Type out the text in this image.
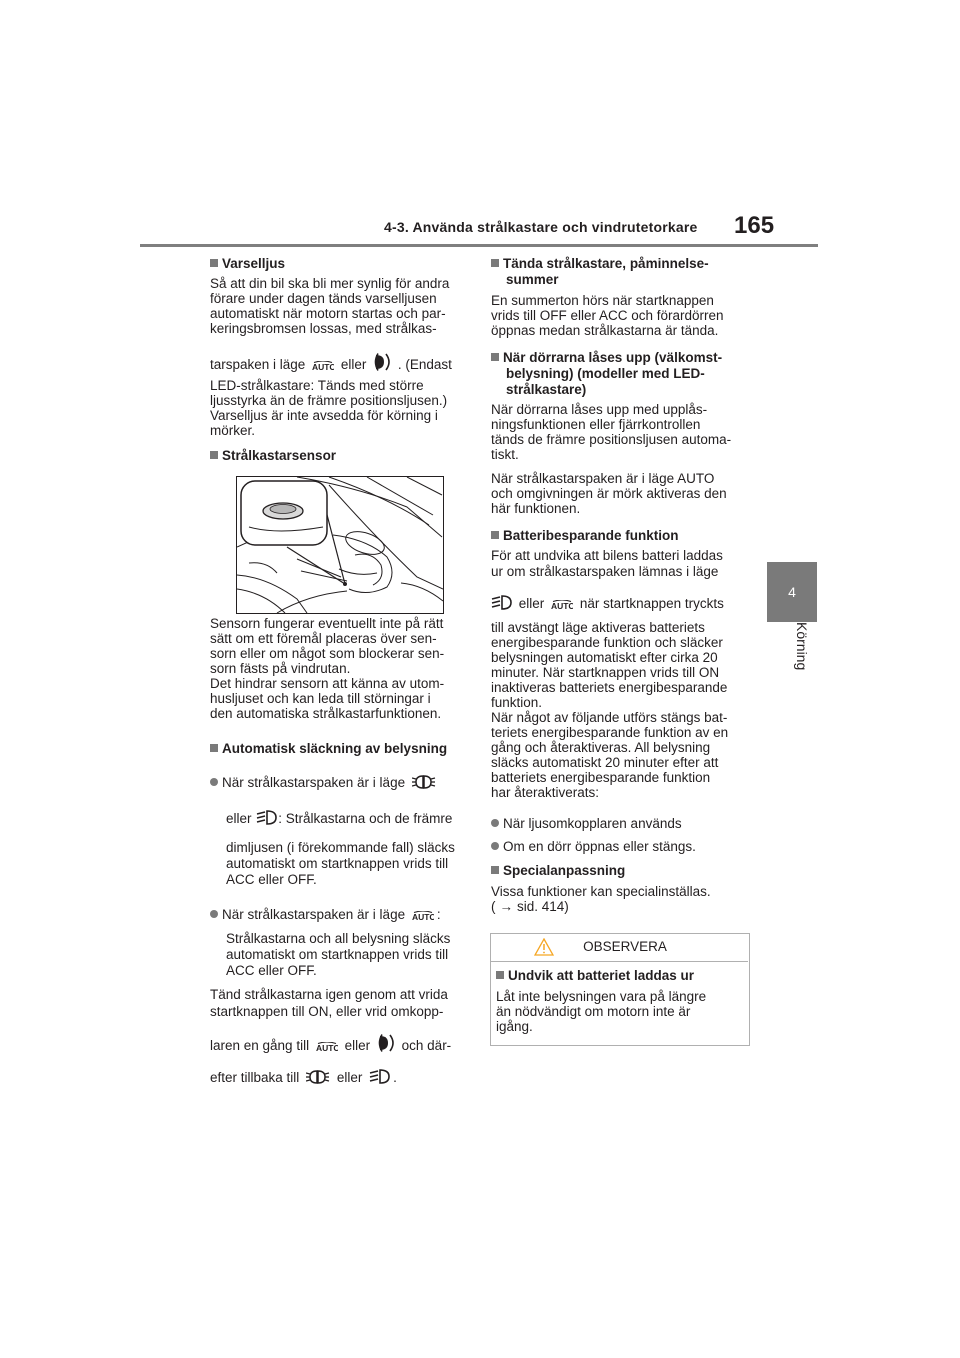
4-3. Använda strålkastare och vindrutetorkare 165
4
Körning
Varselljus
Så att din bil ska bli mer synlig för andra
förare under dagen tänds varselljusen
automatiskt när motorn startas och par-
keringsbromsen lossas, med strålkas-
tarspaken i läge	eller . (Endast
LED-strålkastare: Tänds med större
ljusstyrka än de främre positionsljusen.)
Varselljus är inte avsedda för körning i
mörker.
Strålkastarsensor
Sensorn fungerar eventuellt inte på rätt
sätt om ett föremål placeras över sen-
sorn eller om något som blockerar sen-
sorn fästs på vindrutan.
Det hindrar sensorn att känna av utom-
husljuset och kan leda till störningar i
den automatiska strålkastarfunktionen.
Automatisk släckning av belysning
När strålkastarspaken är i läge
eller : Strålkastarna och de främre
dimljusen (i förekommande fall) släcks
automatiskt om startknappen vrids till
ACC eller OFF.
När strålkastarspaken är i läge :
Strålkastarna och all belysning släcks
automatiskt om startknappen vrids till
ACC eller OFF.
Tänd strålkastarna igen genom att vrida
startknappen till ON, eller vrid omkopp-
laren en gång till	eller och där-
efter tillbaka till	eller .
Tända strålkastare, påminnelse-
summer
En summerton hörs när startknappen
vrids till OFF eller ACC och förardörren
öppnas medan strålkastarna är tända.
När dörrarna låses upp (välkomst-
belysning) (modeller med LED-
strålkastare)
När dörrarna låses upp med upplås-
ningsfunktionen eller fjärrkontrollen
tänds de främre positionsljusen automa-
tiskt.
När strålkastarspaken är i läge AUTO
och omgivningen är mörk aktiveras den
här funktionen.
Batteribesparande funktion
För att undvika att bilens batteri laddas
ur om strålkastarspaken lämnas i läge
eller	när startknappen tryckts
till avstängt läge aktiveras batteriets
energibesparande funktion och släcker
belysningen automatiskt efter cirka 20
minuter. När startknappen vrids till ON
inaktiveras batteriets energibesparande
funktion.
När något av följande utförs stängs bat-
teriets energibesparande funktion av en
gång och återaktiveras. All belysning
släcks automatiskt 20 minuter efter att
batteriets energibesparande funktion
har återaktiverats:
När ljusomkopplaren används
Om en dörr öppnas eller stängs.
Specialanpassning
Vissa funktioner kan specialinställas.
( → sid. 414)
OBSERVERA
Undvik att batteriet laddas ur
Låt inte belysningen vara på längre
än nödvändigt om motorn inte är
igång.
